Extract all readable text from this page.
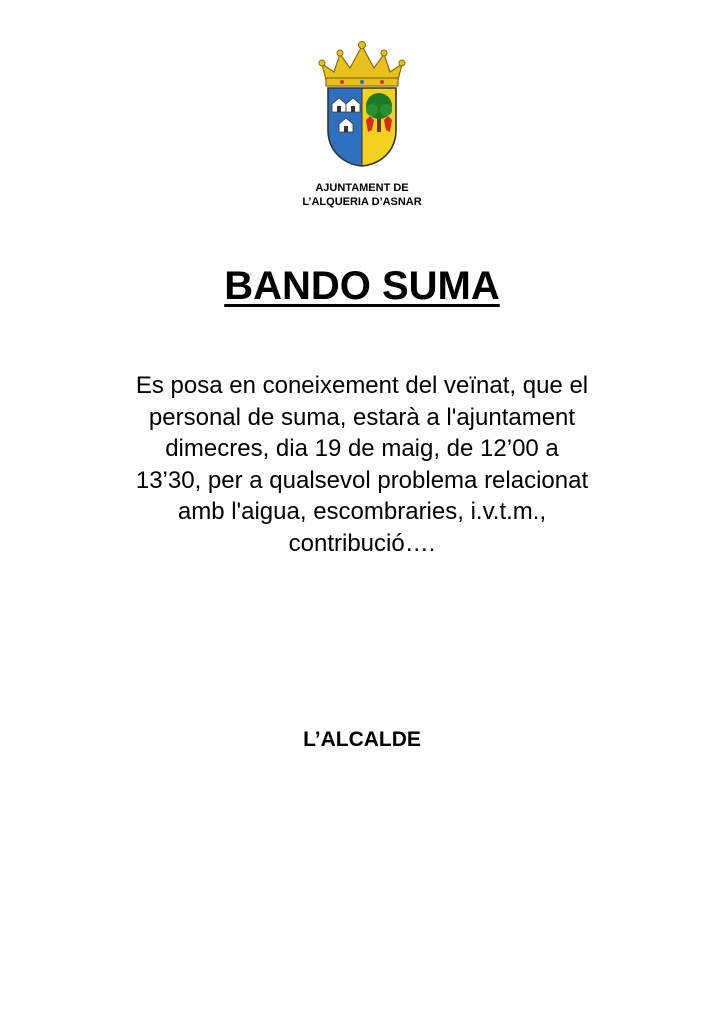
AJUNTAMENT DE
L’ALQUERIA D’ASNAR
BANDO SUMA
Es posa en coneixement del veïnat, que el
personal de suma, estarà a l'ajuntament
dimecres, dia 19 de maig, de 12’00 a
13’30, per a qualsevol problema relacionat
amb l'aigua, escombraries, i.v.t.m.,
contribució….
L’ALCALDE
